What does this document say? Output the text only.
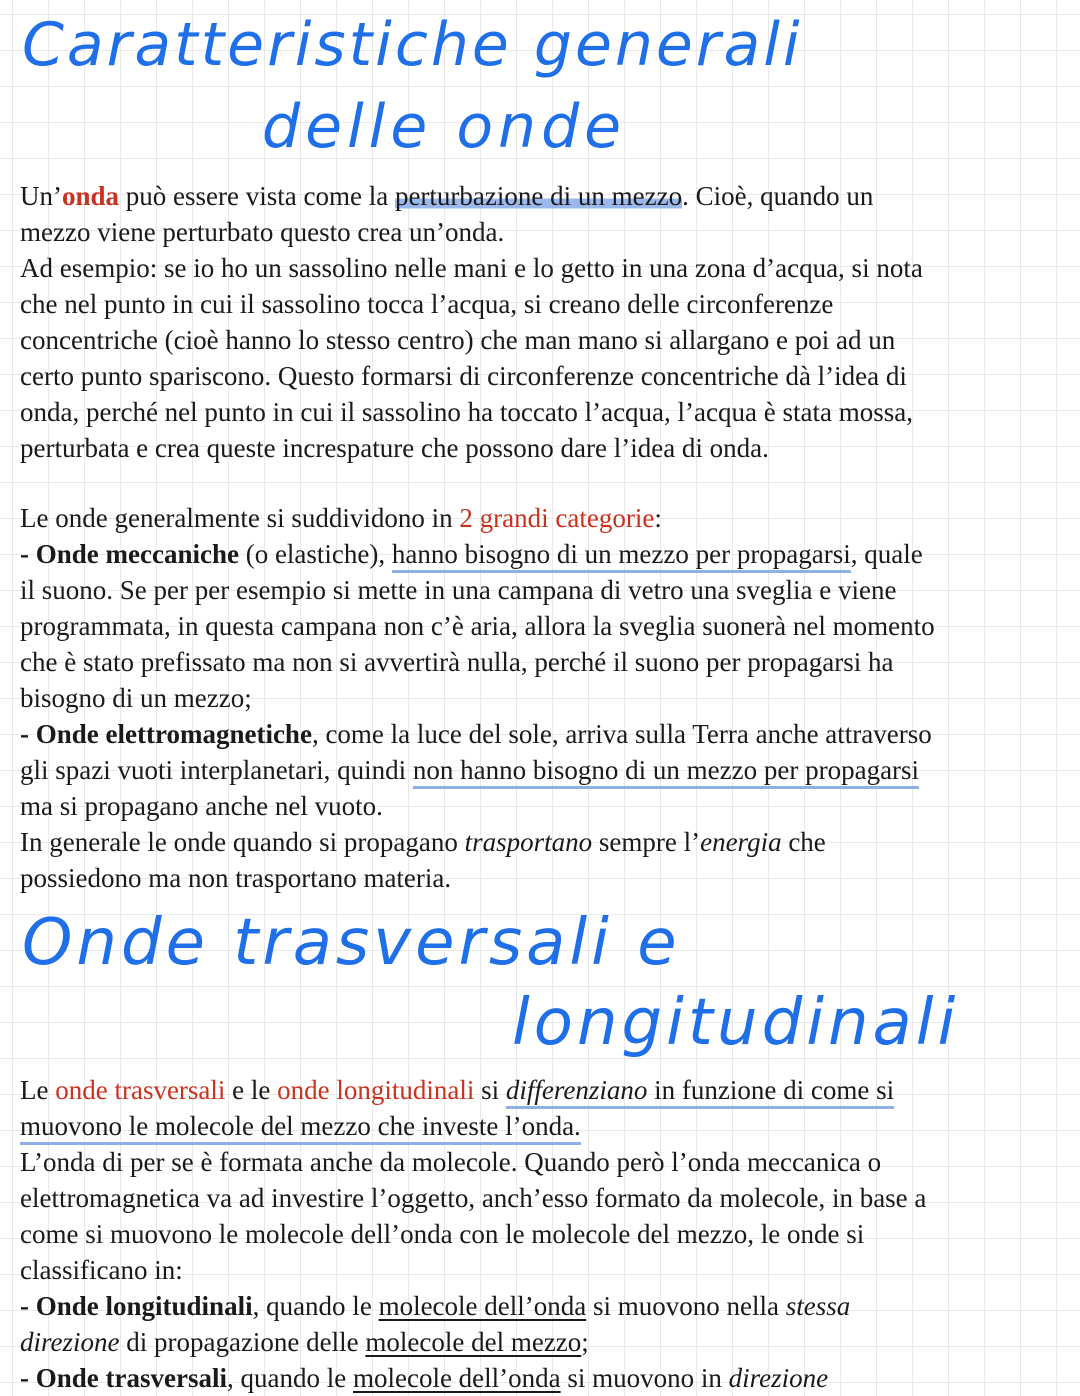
Caratteristiche generali
delle onde
Un’onda può essere vista come la perturbazione di un mezzo. Cioè, quando un
mezzo viene perturbato questo crea un’onda.
Ad esempio: se io ho un sassolino nelle mani e lo getto in una zona d’acqua, si nota
che nel punto in cui il sassolino tocca l’acqua, si creano delle circonferenze
concentriche (cioè hanno lo stesso centro) che man mano si allargano e poi ad un
certo punto spariscono. Questo formarsi di circonferenze concentriche dà l’idea di
onda, perché nel punto in cui il sassolino ha toccato l’acqua, l’acqua è stata mossa,
perturbata e crea queste increspature che possono dare l’idea di onda.
Le onde generalmente si suddividono in 2 grandi categorie:
- Onde meccaniche (o elastiche), hanno bisogno di un mezzo per propagarsi, quale
il suono. Se per per esempio si mette in una campana di vetro una sveglia e viene
programmata, in questa campana non c’è aria, allora la sveglia suonerà nel momento
che è stato prefissato ma non si avvertirà nulla, perché il suono per propagarsi ha
bisogno di un mezzo;
- Onde elettromagnetiche, come la luce del sole, arriva sulla Terra anche attraverso
gli spazi vuoti interplanetari, quindi non hanno bisogno di un mezzo per propagarsi
ma si propagano anche nel vuoto.
In generale le onde quando si propagano trasportano sempre l’energia che
possiedono ma non trasportano materia.
Onde trasversali e
longitudinali
Le onde trasversali e le onde longitudinali si differenziano in funzione di come si
muovono le molecole del mezzo che investe l’onda.
L’onda di per se è formata anche da molecole. Quando però l’onda meccanica o
elettromagnetica va ad investire l’oggetto, anch’esso formato da molecole, in base a
come si muovono le molecole dell’onda con le molecole del mezzo, le onde si
classificano in:
- Onde longitudinali, quando le molecole dell’onda si muovono nella stessa
direzione di propagazione delle molecole del mezzo;
- Onde trasversali, quando le molecole dell’onda si muovono in direzione
